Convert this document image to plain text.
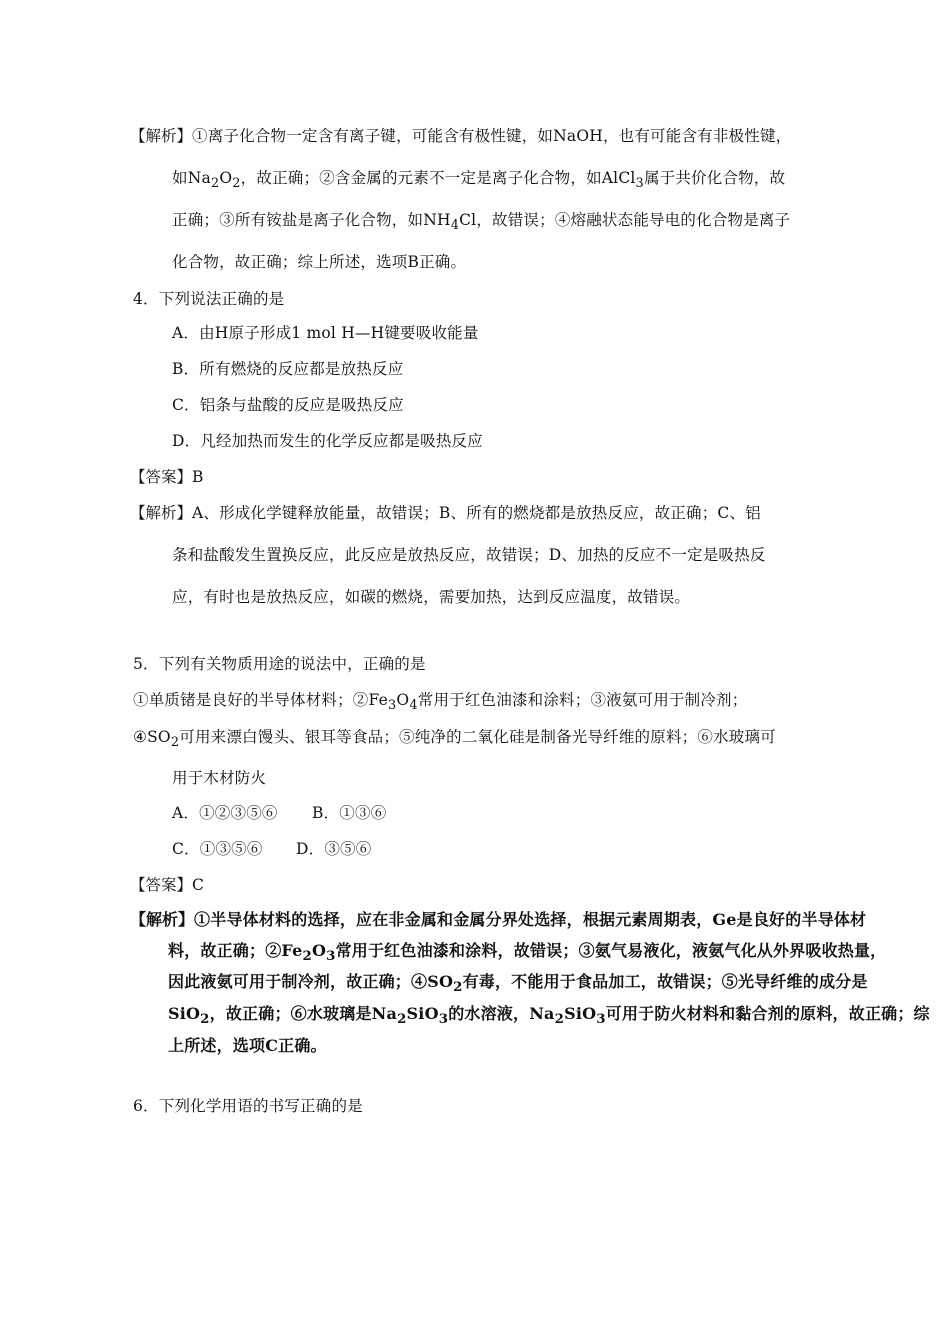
【解析】①离子化合物一定含有离子键，可能含有极性键，如NaOH，也有可能含有非极性键，
如$Na_2O_2$，故正确；②含金属的元素不一定是离子化合物，如AlCl$_3$属于共价化合物，故
正确；③所有铵盐是离子化合物，如$NH_4Cl$，故错误；④熔融状态能导电的化合物是离子
化合物，故正确；综上所述，选项B正确。
4．下列说法正确的是
A．由H原子形成1 mol H—H键要吸收能量
B．所有燃烧的反应都是放热反应
C．铝条与盐酸的反应是吸热反应
D．凡经加热而发生的化学反应都是吸热反应
【答案】B
【解析】A、形成化学键释放能量，故错误；B、所有的燃烧都是放热反应，故正确；C、铝
条和盐酸发生置换反应，此反应是放热反应，故错误；D、加热的反应不一定是吸热反
应，有时也是放热反应，如碳的燃烧，需要加热，达到反应温度，故错误。
5．下列有关物质用途的说法中，正确的是
①单质锗是良好的半导体材料；$②Fe_3O_4$常用于红色油漆和涂料；③液氨可用于制冷剂；
$④SO_2$可用来漂白馒头、银耳等食品；⑤纯净的二氧化硅是制备光导纤维的原料；⑥水玻璃可
用于木材防火
A．①②③⑤⑥ B．①③⑥
C．①③⑤⑥ D．③⑤⑥
【答案】C
【解析】①半导体材料的选择，应在非金属和金属分界处选择，根据元素周期表，Ge是良好的半导体材
料，故正确；$②Fe_2O_3$常用于红色油漆和涂料，故错误；③氨气易液化，液氨气化从外界吸收热量，
因此液氨可用于制冷剂，故正确；$④SO_2$有毒，不能用于食品加工，故错误；⑤光导纤维的成分是
SiO$_2$，故正确；⑥水玻璃是$Na_2SiO_3$的水溶液，$Na_2SiO_3$可用于防火材料和黏合剂的原料，故正确；综
上所述，选项C正确。
6．下列化学用语的书写正确的是
